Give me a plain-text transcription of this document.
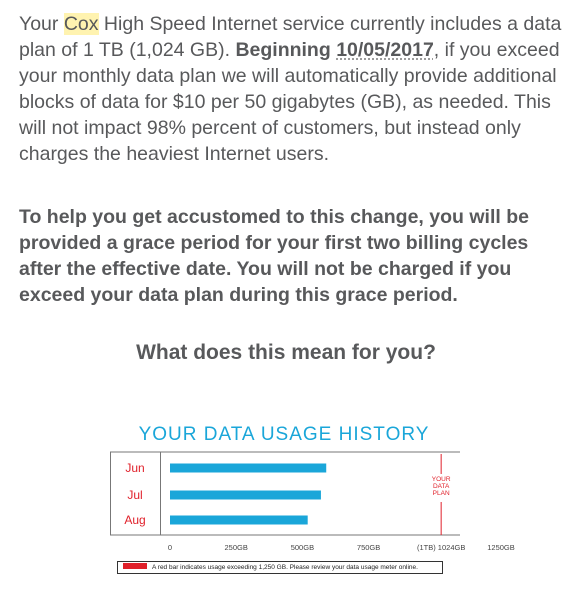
Your Cox High Speed Internet service currently includes a data plan of 1 TB (1,024 GB). Beginning 10/05/2017, if you exceed your monthly data plan we will automatically provide additional blocks of data for $10 per 50 gigabytes (GB), as needed. This will not impact 98% percent of customers, but instead only charges the heaviest Internet users.

To help you get accustomed to this change, you will be provided a grace period for your first two billing cycles after the effective date. You will not be charged if you exceed your data plan during this grace period.

What does this mean for you?
YOUR DATA USAGE HISTORY
YOUR
DATA
PLAN
Jun
Jul
Aug
0	250GB	500GB	750GB	(1TB) 1024GB	1250GB
A red bar indicates usage exceeding 1,250 GB. Please review your data usage meter online.
